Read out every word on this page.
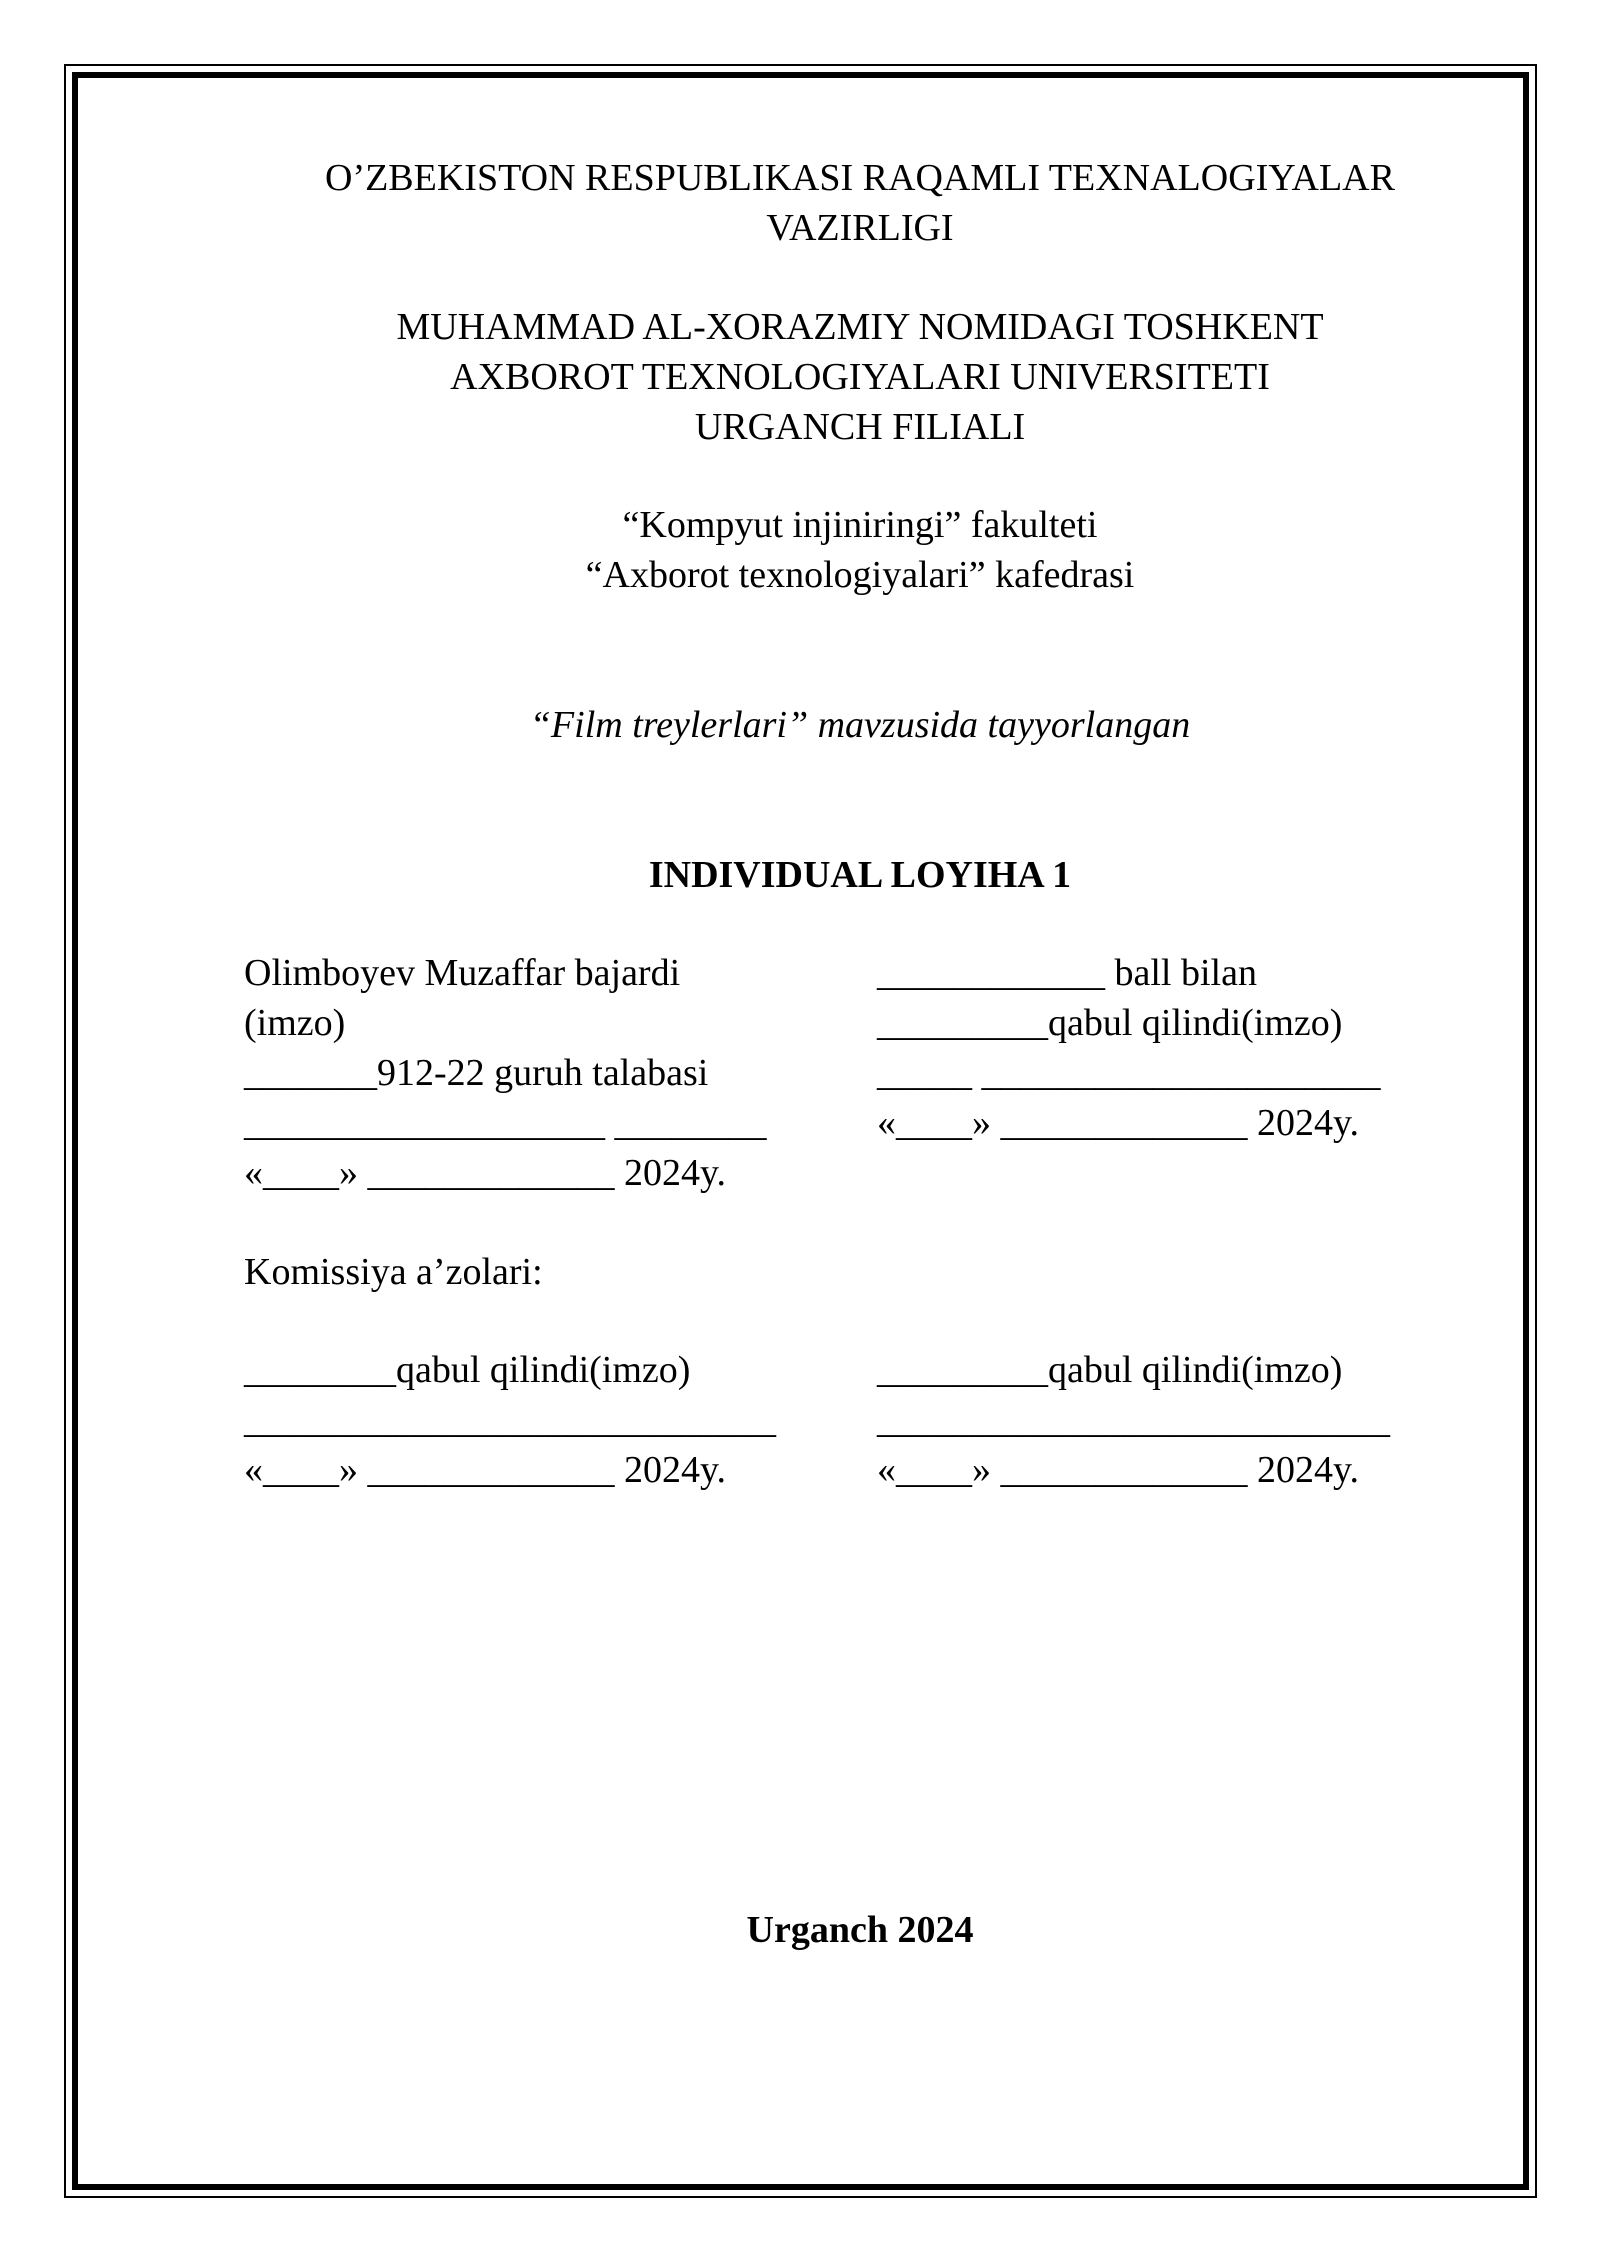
O’ZBEKISTON RESPUBLIKASI RAQAMLI TEXNALOGIYALAR
VAZIRLIGI
MUHAMMAD AL-XORAZMIY NOMIDAGI TOSHKENT
AXBOROT TEXNOLOGIYALARI UNIVERSITETI
URGANCH FILIALI
“Kompyut injiniringi” fakulteti
“Axborot texnologiyalari” kafedrasi
“Film treylerlari” mavzusida tayyorlangan
INDIVIDUAL LOYIHA 1
Olimboyev Muzaffar bajardi
(imzo)
_______912-22 guruh talabasi
___________________ ________
«____» _____________ 2024y.
____________ ball bilan
_________qabul qilindi(imzo)
_____ _____________________
«____» _____________ 2024y.
Komissiya a’zolari:
________qabul qilindi(imzo)
____________________________
«____» _____________ 2024y.
_________qabul qilindi(imzo)
___________________________
«____» _____________ 2024y.
Urganch 2024
